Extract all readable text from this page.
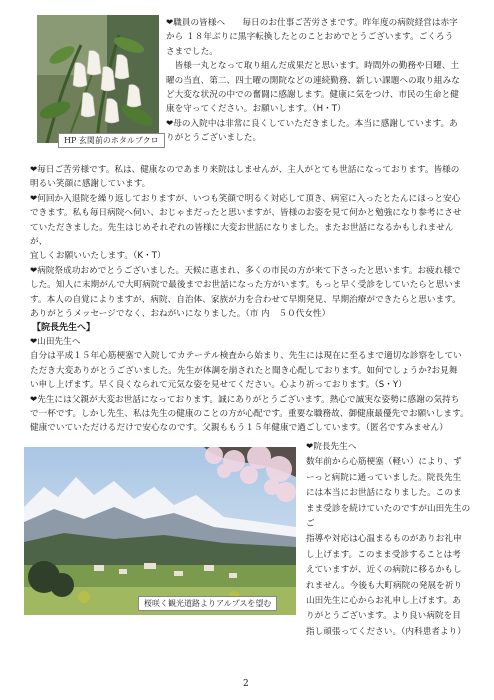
HP 玄関前のホタルブクロ
❤職員の皆様へ　　毎日のお仕事ご苦労さまです。昨年度の病院経営は赤字
から １８年ぶりに黒字転換したとのことおめでとうございます。ごくろう
さまでした。
　皆様一丸となって取り組んだ成果だと思います。時間外の勤務や日曜、土
曜の当直、第二、四土曜の開院などの連続勤務、新しい課題への取り組みな
ど大変な状況の中での奮闘に感謝します。健康に気をつけ、市民の生命と健
康を守ってください。お願いします。（H・T）
❤母の入院中は非常に良くしていただきました。本当に感謝しています。あ
りがとうございました。
❤毎日ご苦労様です。私は、健康なのであまり来院はしませんが、主人がとても世話になっております。皆様の
明るい笑顔に感謝しています。
❤何回か入退院を繰り返しておりますが、いつも笑顔で明るく対応して頂き、病室に入ったとたんにほっと安心
できます。私も毎日病院へ伺い、おじゃまだったと思いますが、皆様のお姿を見て何かと勉強になり参考にさせ
ていただきました。先生はじめそれぞれの皆様に大変お世話になりました。またお世話になるかもしれませんが、
宜しくお願いいたします。（K・T）
❤病院祭成功おめでとうございました。天候に恵まれ、多くの市民の方が来て下さったと思います。お疲れ様で
した。知人に末期がんで大町病院で最後までお世話になった方がいます。もっと早く受診をしていたらと思いま
す。本人の自覚によりますが、病院、自治体、家族が力を合わせて早期発見、早期治療ができたらと思います。
ありがとうメッセージでなく、おねがいになりました。（市 内　５０代女性）
【院長先生へ】
❤山田先生へ
自分は平成１５年心筋梗塞で入院してカテーテル検査から始まり、先生には現在に至るまで適切な診察をしてい
ただき大変ありがとうございました。先生が体調を崩されたと聞き心配しております。如何でしょうか?お見舞
い申し上げます。早く良くなられて元気な姿を見せてください。心より祈っております。（S・Y）
❤先生には父親が大変お世話になっております。誠にありがとうございます。熱心で誠実な姿勢に感謝の気持ち
で一杯です。しかし先生、私は先生の健康のことの方が心配です。重要な職務故、御健康最優先でお願いします。
健康でいていただけるだけで安心なのです。父親ももう１５年健康で過ごしています。（匿名ですみません）
桜咲く観光道路よりアルプスを望む
❤院長先生へ
数年前から心筋梗塞（軽い）により、ず
ーっと病院に通っていました。院長先生
には本当にお世話になりました。このま
まま受診を続けていたのですが山田先生のご
指導や対応は心温まるものがありお礼申
し上げます。このまま受診することは考
えていますが、近くの病院に移るかもし
れません。今後も大町病院の発展を祈り
山田先生に心からお礼申し上げます。あ
りがとうございます。より良い病院を目
指し頑張ってください。（内科患者より）
2
